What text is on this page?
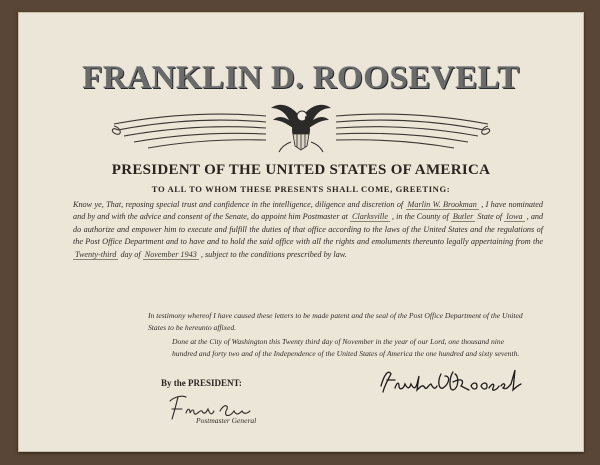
FRANKLIN D. ROOSEVELT
PRESIDENT OF THE UNITED STATES OF AMERICA
TO ALL TO WHOM THESE PRESENTS SHALL COME, GREETING:
Know ye, That, reposing special trust and confidence in the intelligence, diligence and discretion of Marlin W. Brookman , I have nominated and by and with the advice and consent of the Senate, do appoint him Postmaster at Clarksville , in the County of Butler State of Iowa , and do authorize and empower him to execute and fulfill the duties of that office according to the laws of the United States and the regulations of the Post Office Department and to have and to hold the said office with all the rights and emoluments thereunto legally appertaining from the Twenty-third day of November 1943 , subject to the conditions prescribed by law.
In testimony whereof I have caused these letters to be made patent and the seal of the Post Office Department of the United States to be hereunto affixed.
Done at the City of Washington this Twenty third day of November in the year of our Lord, one thousand nine hundred and forty two and of the Independence of the United States of America the one hundred and sixty seventh.
By the PRESIDENT:
Postmaster General
